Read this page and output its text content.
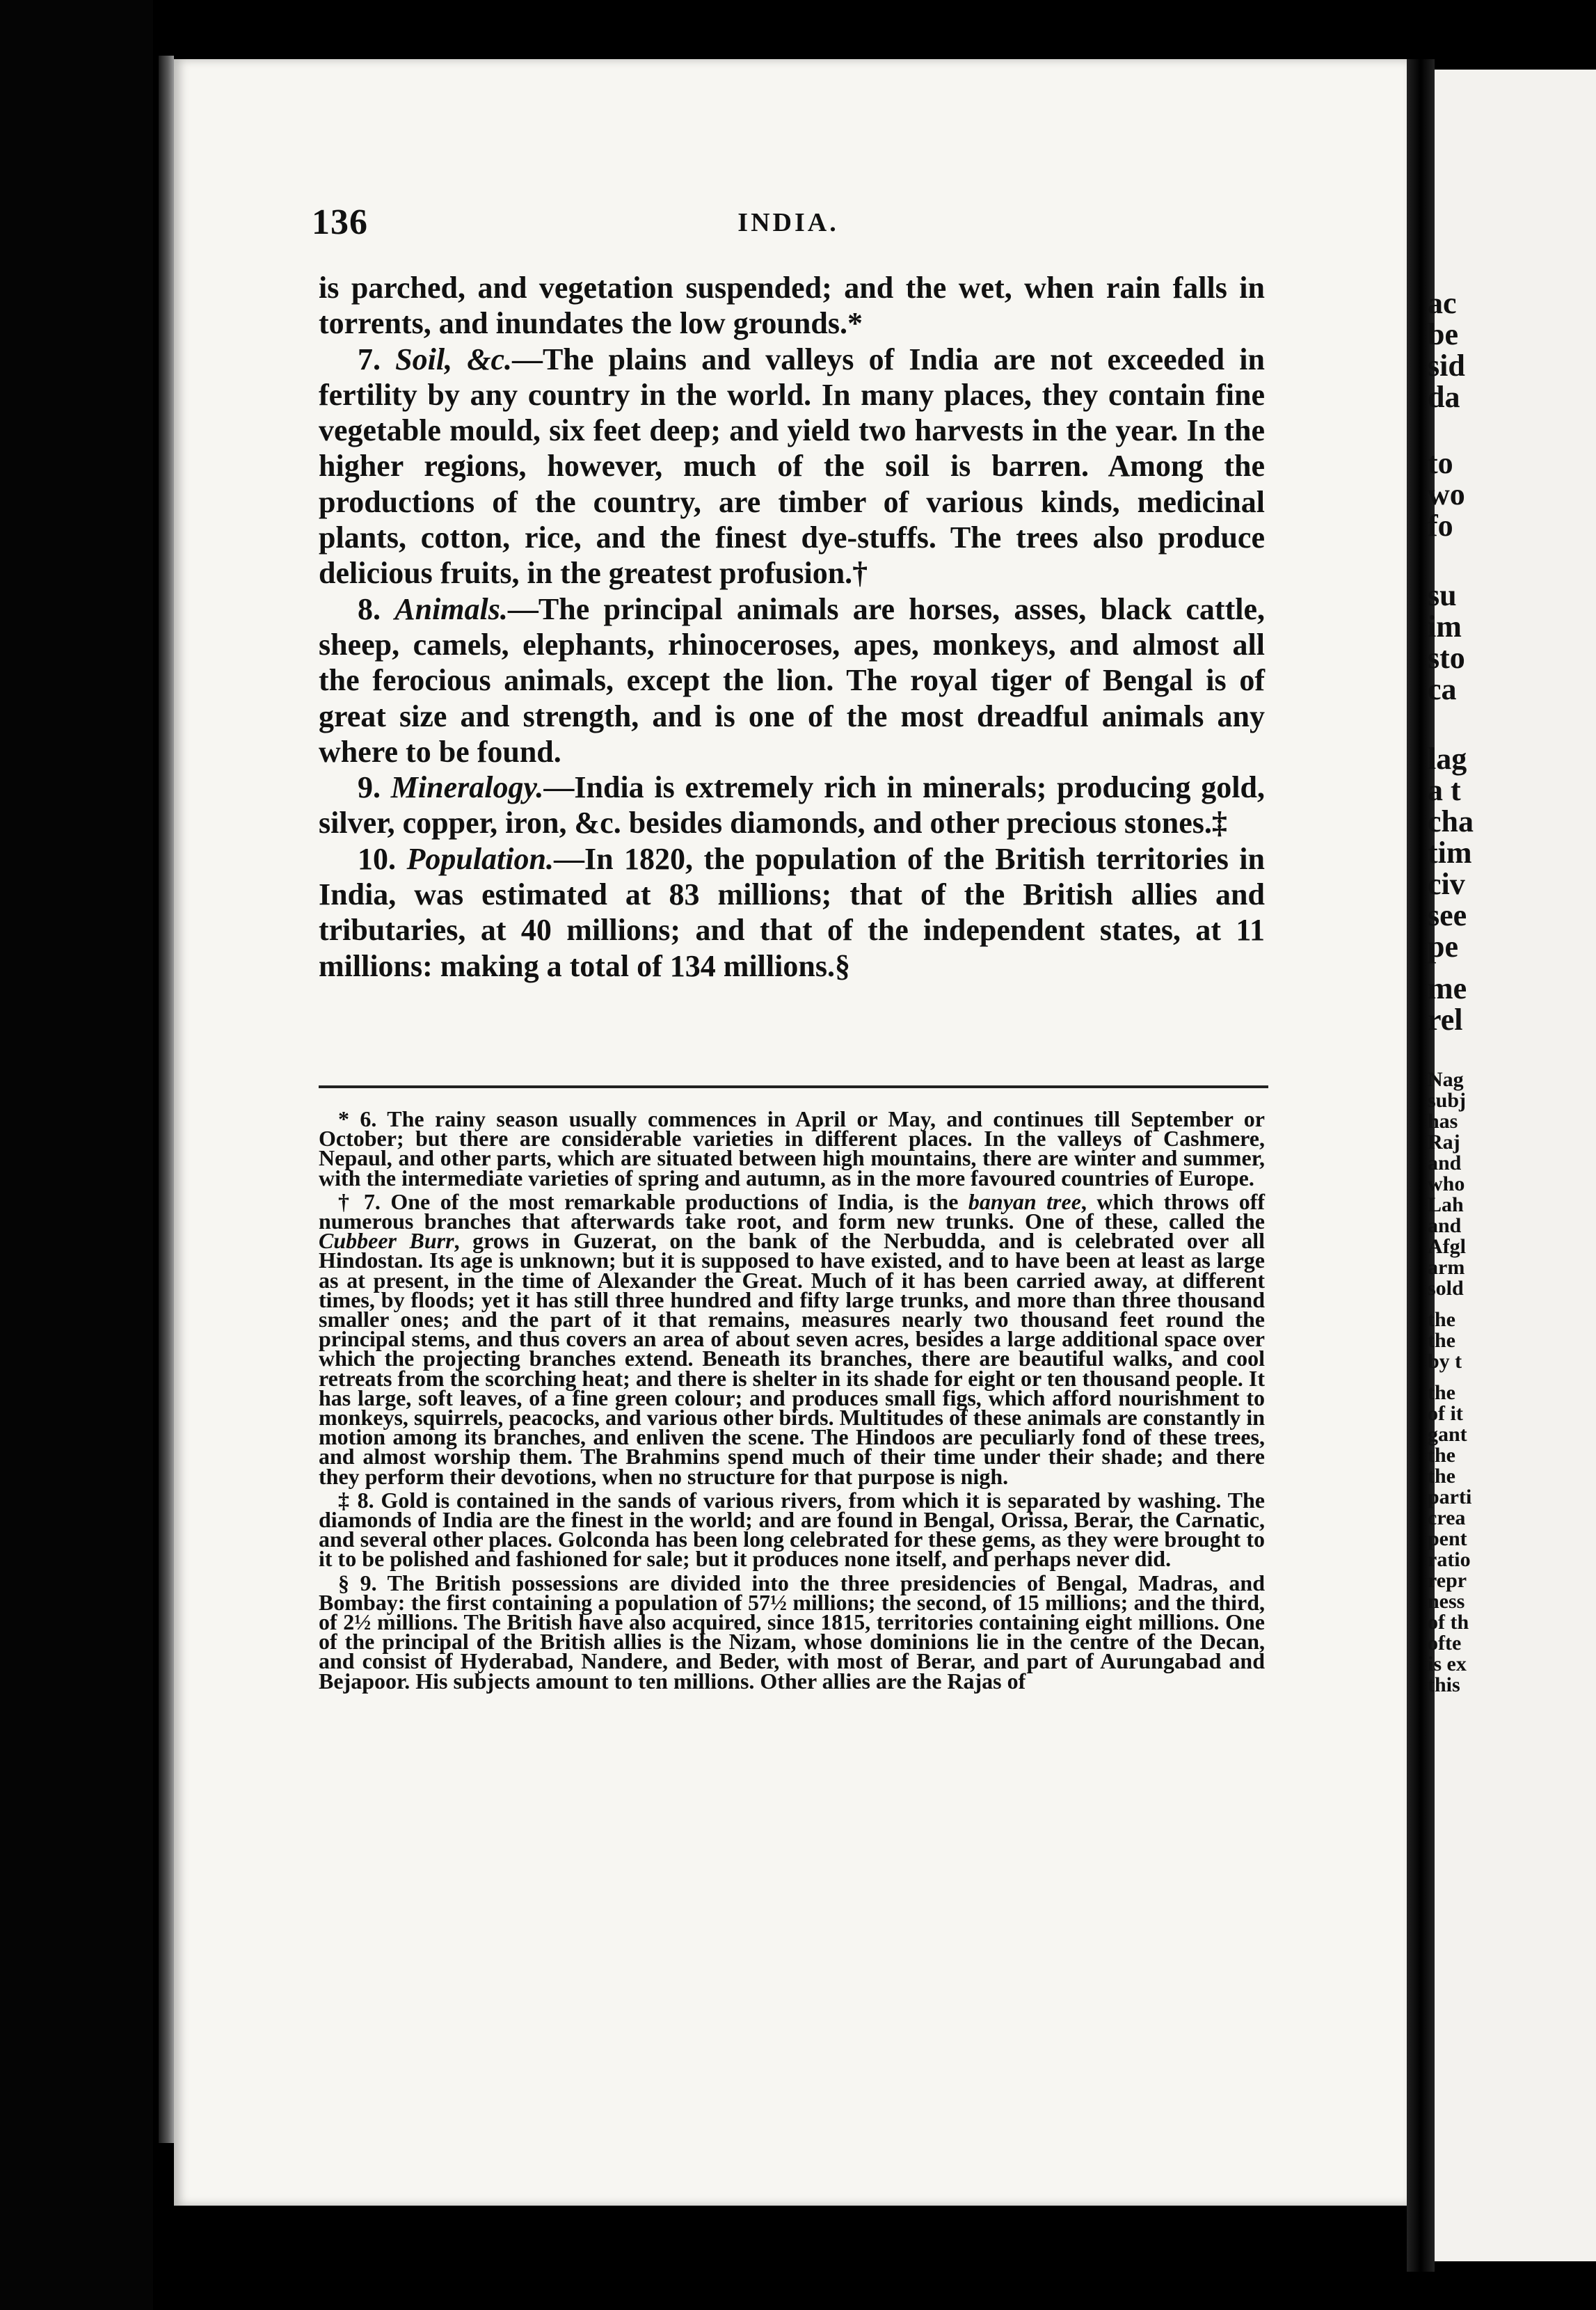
ac
be
sid
da
to
wo
fo
su
im
sto
ca
lag
a t
cha
tim
civ
see
pe
me
rel
Nag
subj
has
Raj
and
who
Lah
and
Afgl
arm
sold
the
the
by t
the
of it
gant
the
the
parti
crea
pent
ratio
repr
ness
of th
ofte
is ex
this
136	INDIA.

is parched, and vegetation suspended; and the wet, when rain falls in torrents, and inundates the low grounds.*

7. Soil, &c.—The plains and valleys of India are not exceeded in fertility by any country in the world. In many places, they contain fine vegetable mould, six feet deep; and yield two harvests in the year. In the higher regions, however, much of the soil is barren. Among the productions of the country, are timber of various kinds, medicinal plants, cotton, rice, and the finest dye-stuffs. The trees also produce delicious fruits, in the greatest profusion.†

8. Animals.—The principal animals are horses, asses, black cattle, sheep, camels, elephants, rhinoceroses, apes, monkeys, and almost all the ferocious animals, except the lion. The royal tiger of Bengal is of great size and strength, and is one of the most dreadful animals any where to be found.

9. Mineralogy.—India is extremely rich in minerals; producing gold, silver, copper, iron, &c. besides diamonds, and other precious stones.‡

10. Population.—In 1820, the population of the British territories in India, was estimated at 83 millions; that of the British allies and tributaries, at 40 millions; and that of the independent states, at 11 millions: making a total of 134 millions.§

* 6. The rainy season usually commences in April or May, and continues till September or October; but there are considerable varieties in different places. In the valleys of Cashmere, Nepaul, and other parts, which are situated between high mountains, there are winter and summer, with the intermediate varieties of spring and autumn, as in the more favoured countries of Europe.

† 7. One of the most remarkable productions of India, is the banyan tree, which throws off numerous branches that afterwards take root, and form new trunks. One of these, called the Cubbeer Burr, grows in Guzerat, on the bank of the Nerbudda, and is celebrated over all Hindostan. Its age is unknown; but it is supposed to have existed, and to have been at least as large as at present, in the time of Alexander the Great. Much of it has been carried away, at different times, by floods; yet it has still three hundred and fifty large trunks, and more than three thousand smaller ones; and the part of it that remains, measures nearly two thousand feet round the principal stems, and thus covers an area of about seven acres, besides a large additional space over which the projecting branches extend. Beneath its branches, there are beautiful walks, and cool retreats from the scorching heat; and there is shelter in its shade for eight or ten thousand people. It has large, soft leaves, of a fine green colour; and produces small figs, which afford nourishment to monkeys, squirrels, peacocks, and various other birds. Multitudes of these animals are constantly in motion among its branches, and enliven the scene. The Hindoos are peculiarly fond of these trees, and almost worship them. The Brahmins spend much of their time under their shade; and there they perform their devotions, when no structure for that purpose is nigh.

‡ 8. Gold is contained in the sands of various rivers, from which it is separated by washing. The diamonds of India are the finest in the world; and are found in Bengal, Orissa, Berar, the Carnatic, and several other places. Golconda has been long celebrated for these gems, as they were brought to it to be polished and fashioned for sale; but it produces none itself, and perhaps never did.

§ 9. The British possessions are divided into the three presidencies of Bengal, Madras, and Bombay: the first containing a population of 57½ millions; the second, of 15 millions; and the third, of 2½ millions. The British have also acquired, since 1815, territories containing eight millions. One of the principal of the British allies is the Nizam, whose dominions lie in the centre of the Decan, and consist of Hyderabad, Nandere, and Beder, with most of Berar, and part of Aurungabad and Bejapoor. His subjects amount to ten millions. Other allies are the Rajas of
